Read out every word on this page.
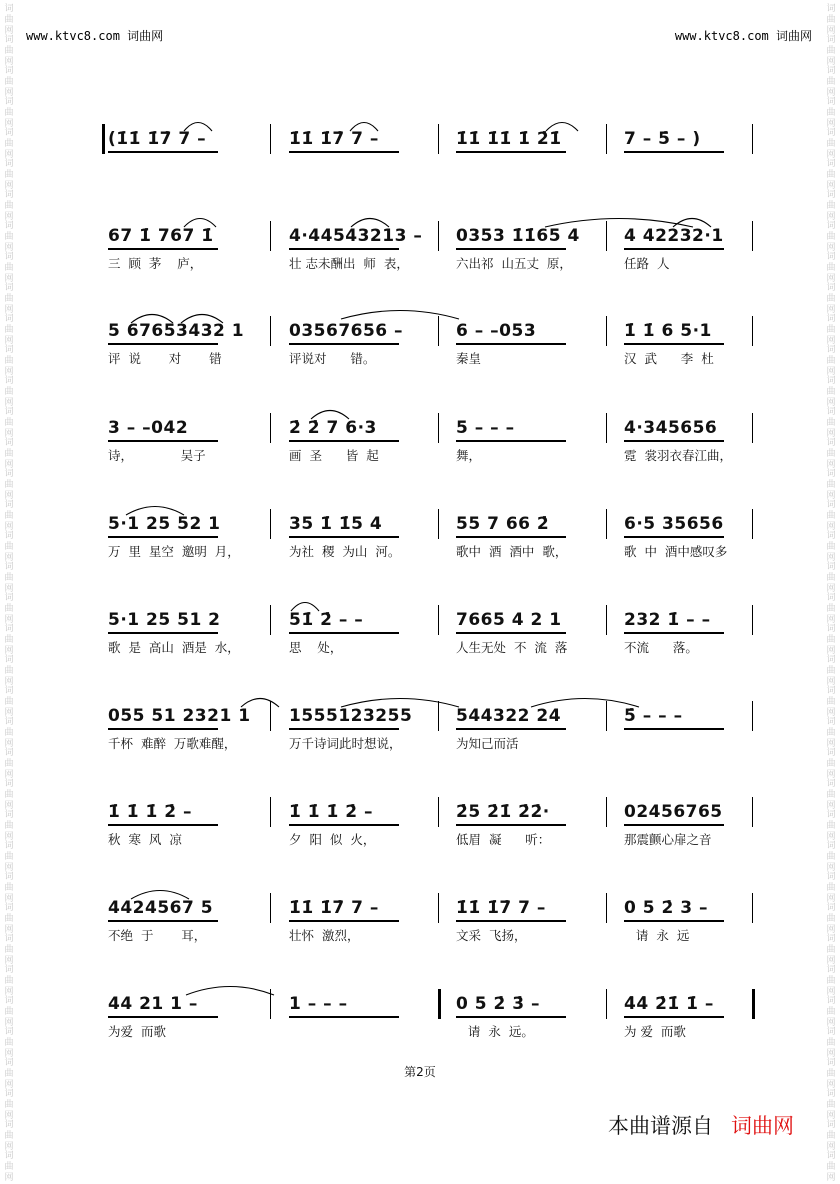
词曲网
词曲网
词曲网
词曲网
词曲网
词曲网
词曲网
词曲网
词曲网
词曲网
词曲网
词曲网
词曲网
词曲网
词曲网
词曲网
词曲网
词曲网
词曲网
词曲网
词曲网
词曲网
词曲网
词曲网
词曲网
词曲网
词曲网
词曲网
词曲网
词曲网
词曲网
词曲网
词曲网
词曲网
词曲网
词曲网
词曲网
词曲网
词曲网
词曲网
词曲网
词曲网
词曲网
词曲网
词曲网
词曲网
词曲网
词曲网
词曲网
词曲网
词曲网
词曲网
词曲网
词曲网
词曲网
词曲网
词曲网
词曲网
词曲网
词曲网
词曲网
词曲网
词曲网
词曲网
词曲网
词曲网
词曲网
词曲网
词曲网
词曲网
词曲网
词曲网
词曲网
词曲网
词曲网
词曲网
www.ktvc8.com 词曲网	www.ktvc8.com 词曲网
(1̇1̇ 1̇7̇ 7 –	1̇1̇ 1̇7̇ 7 –	1̇1̇ 1̇1̇ 1̇ 2̇1̇	7 – 5̇ – )
67 1̇ 767 1̇
三  顾  茅    庐，
4·44543213 –
壮 志未酬出  师  表，
0353 1̇1̇65 4
六出祁  山五丈  原，
4 42232·1
任路  人
5 67653432 1
评  说       对       错
03567656 –
评说对      错。
6 – –053
秦皇
1̇ 1̇ 6 5·1
汉  武      李  杜
3 – –042
诗，            吴子
2̇ 2̇ 7 6·3
画  圣      皆  起
5 – – –
舞，
4·345656
霓  裳羽衣春江曲，
5·1 25 52 1
万  里  星空  邀明  月，
35 1̇ 1̇5 4
为社  稷  为山  河。
55 7 66 2̇
歌中  酒  酒中  歌，
6·5 35656
歌  中  酒中感叹多
5·1 25 51 2
歌  是  高山  酒是  水，
51̇ 2̇ – –
思    处，
7665 4 2 1
人生无处  不  流  落
232 1̇ – –
不流      落。
055 51 2321 1
千杯  难醉  万歌难醒，
1555123255
万千诗词此时想说，
544322 24
为知己而活
5̇ – – –
1̇ 1̇ 1̇ 2̇ –
秋  寒  风  凉
1̇ 1̇ 1̇ 2̇ –
夕  阳  似  火，
2̇5 2̇1̇ 2̇2̇·
低眉  凝      听：
02456765
那震颤心扉之音
4424567 5
不绝  于       耳，
1̇1̇ 1̇7̇ 7 –
壮怀  激烈，
1̇1̇ 1̇7̇ 7 –
文采  飞扬，
0 5 2̇ 3 –
请  永  远
44 21 1 –
为爱  而歌
1 – – –	0 5 2̇ 3̇ –
请  永  远。
4̇4̇ 2̇1̇ 1̇ –
为 爱  而歌
第2页
本曲谱源自 词曲网
